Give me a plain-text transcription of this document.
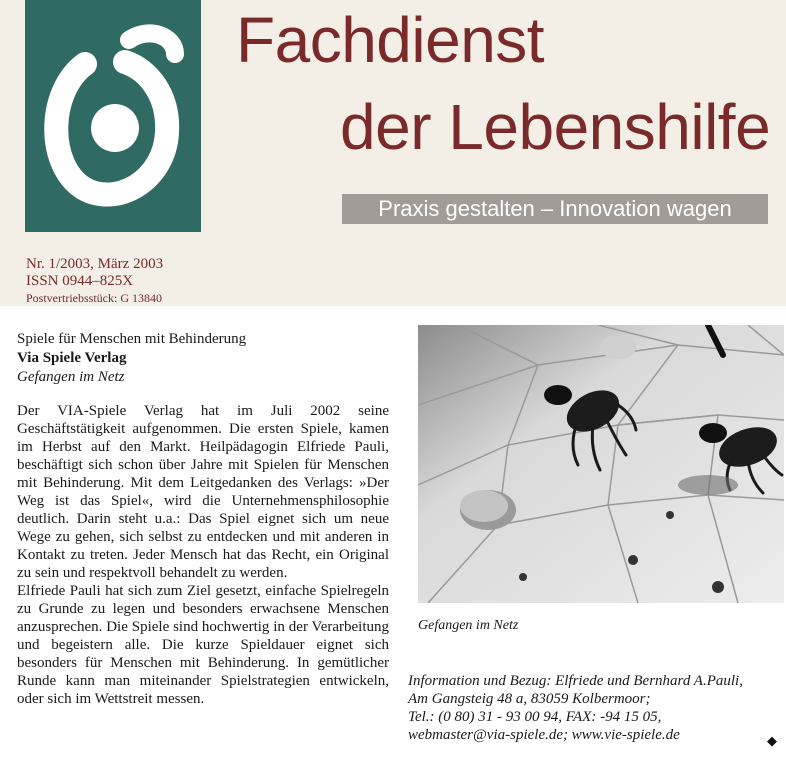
Fachdienst
der Lebenshilfe
Praxis gestalten – Innovation wagen
Nr. 1/2003, März 2003
ISSN 0944–825X
Postvertriebsstück: G 13840
Spiele für Menschen mit Behinderung
Via Spiele Verlag
Gefangen im Netz

Der VIA-Spiele Verlag hat im Juli 2002 seine Geschäftstätigkeit aufgenommen. Die ersten Spiele, kamen im Herbst auf den Markt. Heilpädagogin Elfriede Pauli, beschäftigt sich schon über Jahre mit Spielen für Menschen mit Behinderung. Mit dem Leitgedanken des Verlags: »Der Weg ist das Spiel«, wird die Unternehmensphilosophie deutlich. Darin steht u.a.: Das Spiel eignet sich um neue Wege zu gehen, sich selbst zu entdecken und mit anderen in Kontakt zu treten. Jeder Mensch hat das Recht, ein Original zu sein und respektvoll behandelt zu werden.

Elfriede Pauli hat sich zum Ziel gesetzt, einfache Spielregeln zu Grunde zu legen und besonders erwachsene Menschen anzusprechen. Die Spiele sind hochwertig in der Verarbeitung und begeistern alle. Die kurze Spieldauer eignet sich besonders für Menschen mit Behinderung. In gemütlicher Runde kann man miteinander Spielstrategien entwickeln, oder sich im Wettstreit messen.

Gefangen im Netz
Information und Bezug: Elfriede und Bernhard A.Pauli,
Am Gangsteig 48 a, 83059 Kolbermoor;
Tel.: (0 80) 31 - 93 00 94, FAX: -94 15 05,
webmaster@via-spiele.de; www.vie-spiele.de	◆
